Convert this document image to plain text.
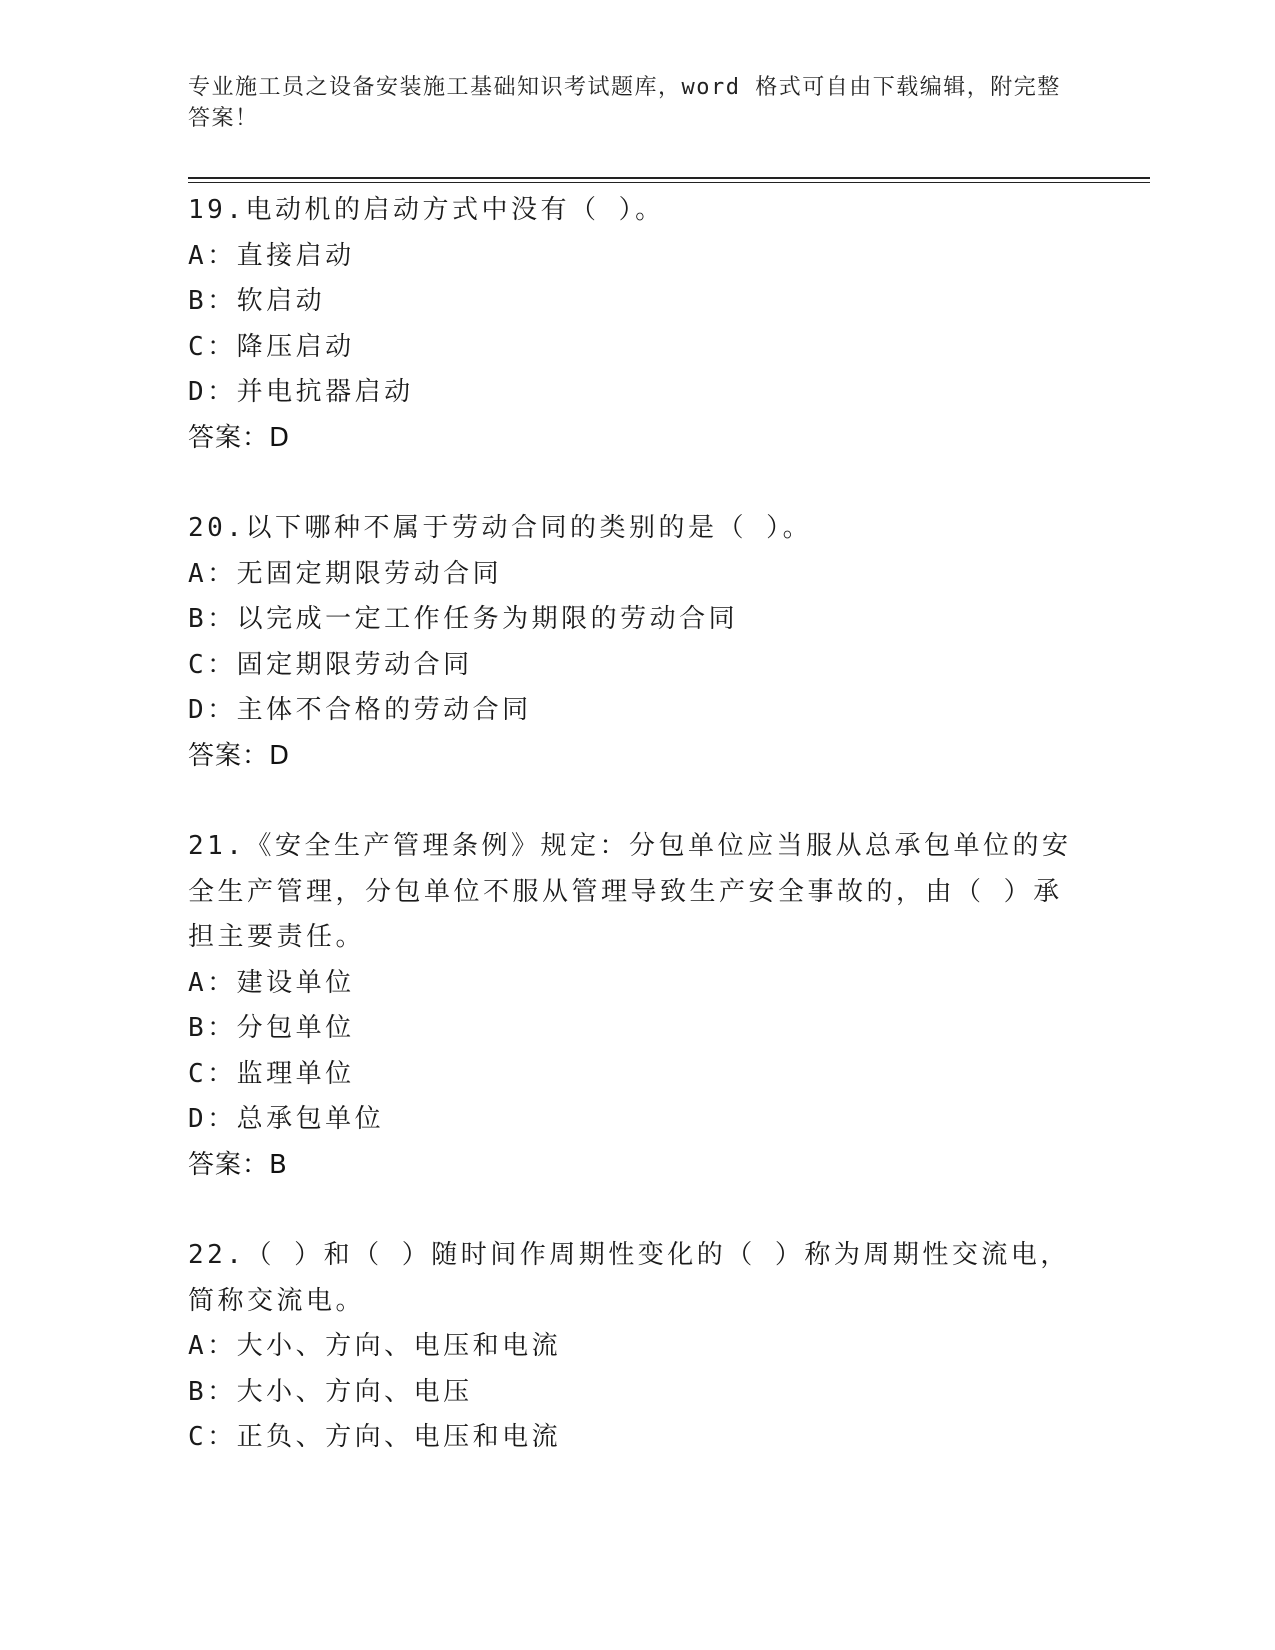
专业施工员之设备安装施工基础知识考试题库，word 格式可自由下载编辑，附完整答案！

19.电动机的启动方式中没有（ ）。

A：直接启动

B：软启动

C：降压启动

D：并电抗器启动

答案：D

20.以下哪种不属于劳动合同的类别的是（ ）。

A：无固定期限劳动合同

B：以完成一定工作任务为期限的劳动合同

C：固定期限劳动合同

D：主体不合格的劳动合同

答案：D

21.《安全生产管理条例》规定：分包单位应当服从总承包单位的安全生产管理，分包单位不服从管理导致生产安全事故的，由（ ）承担主要责任。

A：建设单位

B：分包单位

C：监理单位

D：总承包单位

答案：B

22.（ ）和（ ）随时间作周期性变化的（ ）称为周期性交流电，简称交流电。

A：大小、方向、电压和电流

B：大小、方向、电压

C：正负、方向、电压和电流
